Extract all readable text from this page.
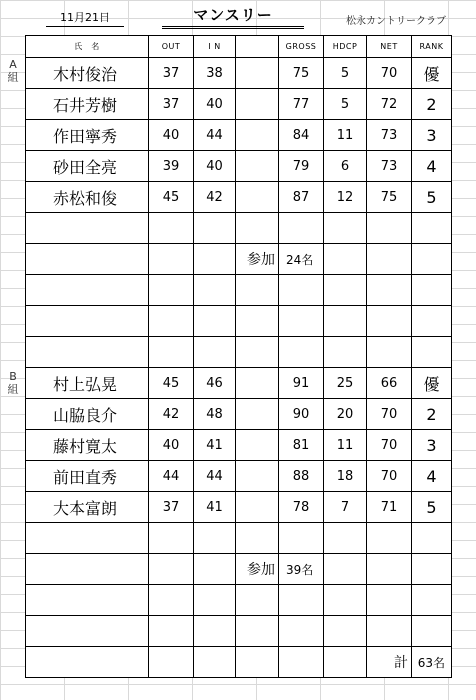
11月21日	マンスリー	松永カントリークラブ
A組
B組
氏　名	OUT	I N		GROSS	HDCP	NET	RANK
木村俊治	37	38		75	5	70	優
石井芳樹	37	40		77	5	72	2
作田寧秀	40	44		84	11	73	3
砂田全亮	39	40		79	6	73	4
赤松和俊	45	42		87	12	75	5

			参加	24名			

村上弘晃	45	46		91	25	66	優
山脇良介	42	48		90	20	70	2
藤村寛太	40	41		81	11	70	3
前田直秀	44	44		88	18	70	4
大本富朗	37	41		78	7	71	5

			参加	39名			

						計	63名
